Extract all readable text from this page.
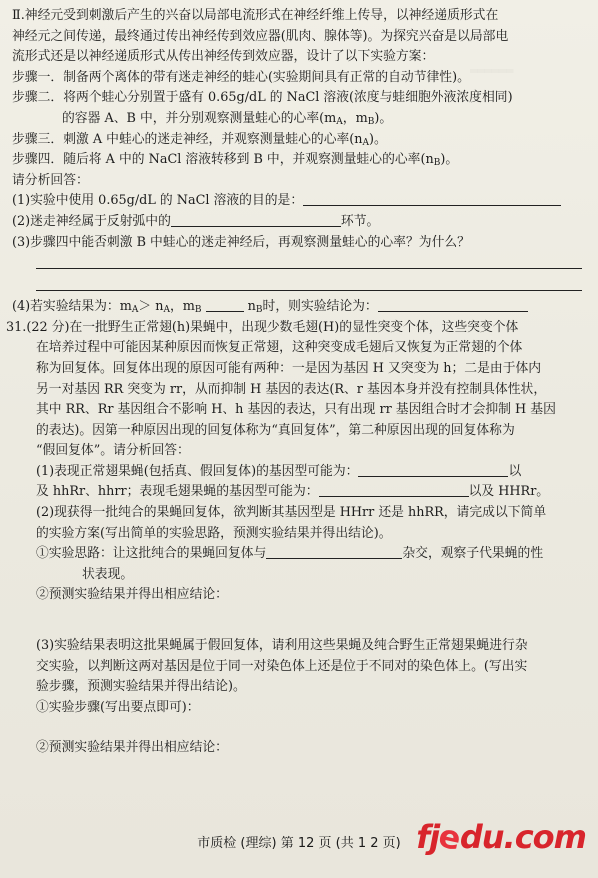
══════
Ⅱ.神经元受到刺激后产生的兴奋以局部电流形式在神经纤维上传导，以神经递质形式在
神经元之间传递，最终通过传出神经传到效应器(肌肉、腺体等)。为探究兴奋是以局部电
流形式还是以神经递质形式从传出神经传到效应器，设计了以下实验方案：
步骤一．制备两个离体的带有迷走神经的蛙心(实验期间具有正常的自动节律性)。
步骤二．将两个蛙心分别置于盛有 0.65g/dL 的 NaCl 溶液(浓度与蛙细胞外液浓度相同)
的容器 A、B 中，并分别观察测量蛙心的心率($m_A$，$m_B$)。
步骤三．刺激 A 中蛙心的迷走神经，并观察测量蛙心的心率$(n_A)$。
步骤四．随后将 A 中的 NaCl 溶液转移到 B 中，并观察测量蛙心的心率$(n_B)$。
请分析回答：
(1)实验中使用 0.65g/dL 的 NaCl 溶液的目的是：
(2)迷走神经属于反射弧中的	环节。
(3)步骤四中能否刺激 B 中蛙心的迷走神经后，再观察测量蛙心的心率？为什么？
(4)若实验结果为：$m_A> n_A$，$m_B$	$n_B$时，则实验结论为：
31.(22 分)在一批野生正常翅(h)果蝇中，出现少数毛翅(H)的显性突变个体，这些突变个体
在培养过程中可能因某种原因而恢复正常翅，这种突变成毛翅后又恢复为正常翅的个体
称为回复体。回复体出现的原因可能有两种：一是因为基因 H 又突变为 h；二是由于体内
另一对基因 RR 突变为 rr，从而抑制 H 基因的表达(R、r 基因本身并没有控制具体性状，
其中 RR、Rr 基因组合不影响 H、h 基因的表达，只有出现 rr 基因组合时才会抑制 H 基因
的表达)。因第一种原因出现的回复体称为“真回复体”，第二种原因出现的回复体称为
“假回复体”。请分析回答：
(1)表现正常翅果蝇(包括真、假回复体)的基因型可能为：	以
及 hhRr、hhrr；表现毛翅果蝇的基因型可能为：	以及 HHRr。
(2)现获得一批纯合的果蝇回复体，欲判断其基因型是 HHrr 还是 hhRR，请完成以下简单
的实验方案(写出简单的实验思路，预测实验结果并得出结论)。
①实验思路：让这批纯合的果蝇回复体与	杂交，观察子代果蝇的性
状表现。
②预测实验结果并得出相应结论：
(3)实验结果表明这批果蝇属于假回复体，请利用这些果蝇及纯合野生正常翅果蝇进行杂
交实验，以判断这两对基因是位于同一对染色体上还是位于不同对的染色体上。(写出实
验步骤，预测实验结果并得出结论)。
①实验步骤(写出要点即可)：
②预测实验结果并得出相应结论：
市质检 (理综) 第 12 页 (共 1 2 页) fjedu.com
